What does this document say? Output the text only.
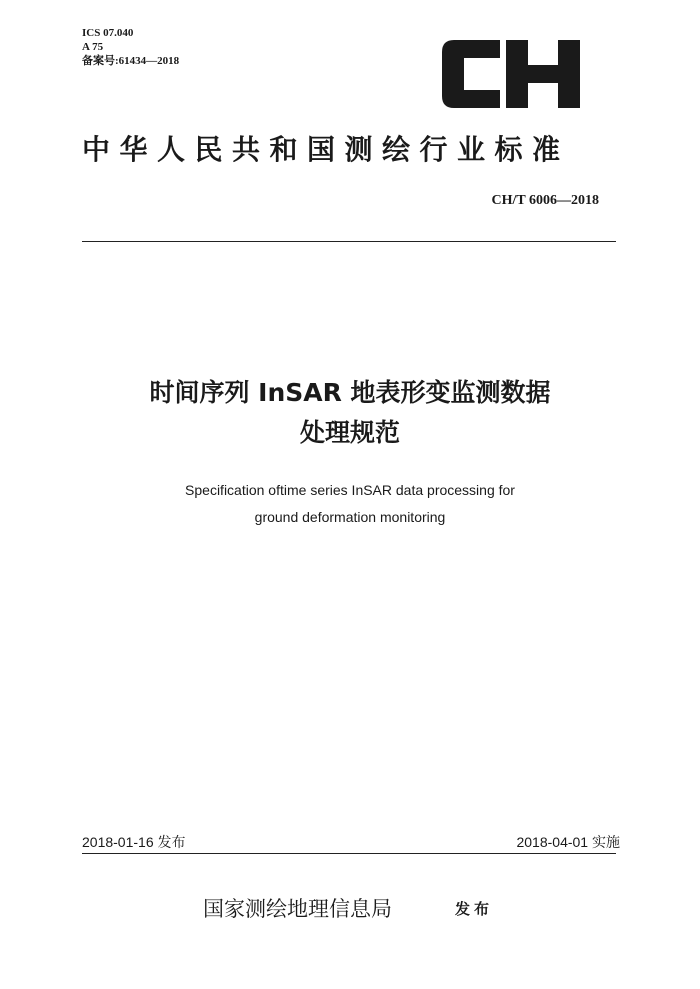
ICS 07.040
A 75
备案号:61434—2018
中华人民共和国测绘行业标准
CH/T 6006—2018
时间序列 InSAR 地表形变监测数据
处理规范
Specification oftime series InSAR data processing for
ground deformation monitoring
2018-01-16 发布	2018-04-01 实施
国家测绘地理信息局	发布
